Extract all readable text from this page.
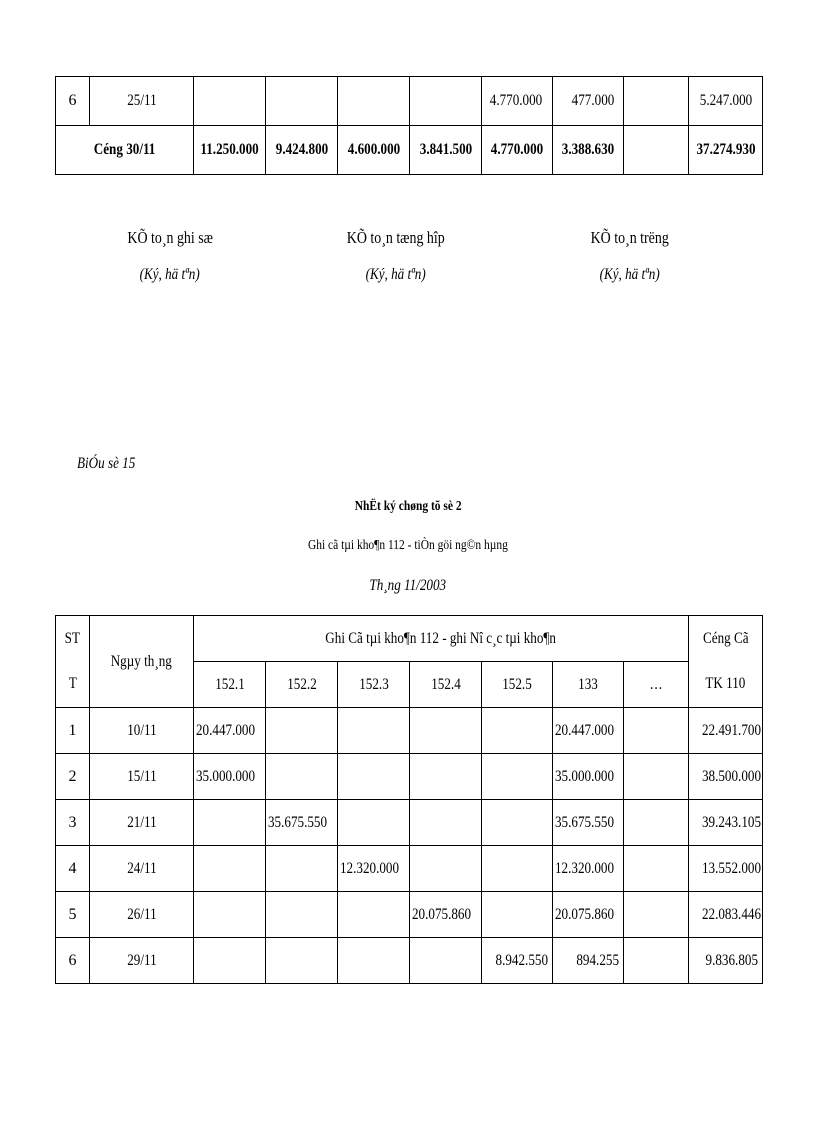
6	25/11					4.770.000	477.000		5.247.000
Céng 30/11		11.250.000	9.424.800	4.600.000	3.841.500	4.770.000	3.388.630		37.274.930
KÕ to¸n ghi sæ
(Ký, hä tªn)
KÕ to¸n tæng hîp
(Ký, hä tªn)
KÕ to¸n trëng
(Ký, hä tªn)
BiÓu sè 15
NhËt ký chøng tõ sè 2
Ghi cã tµi kho¶n 112 - tiÒn göi ng©n hµng
Th¸ng 11/2003
ST	Ngµy th¸ng	Ghi Cã tµi kho¶n 112 - ghi Nî c¸c tµi kho¶n							Céng Cã
T		152.1	152.2	152.3	152.4	152.5	133	…	TK 110
1	10/11	20.447.000					20.447.000		22.491.700
2	15/11	35.000.000					35.000.000		38.500.000
3	21/11		35.675.550				35.675.550		39.243.105
4	24/11			12.320.000			12.320.000		13.552.000
5	26/11				20.075.860		20.075.860		22.083.446
6	29/11					8.942.550	894.255		9.836.805
